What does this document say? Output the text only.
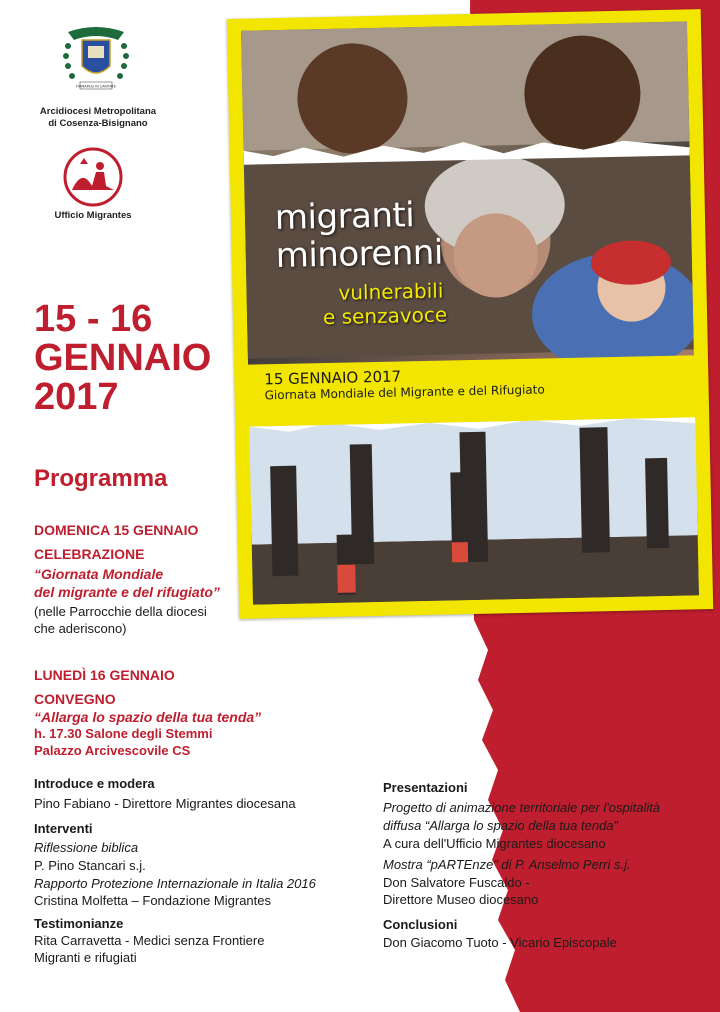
FIRMAMUS IN CARITATE
Arcidiocesi Metropolitana
di Cosenza-Bisignano
Ufficio Migrantes	migranti
minorenni
vulnerabili
e senzavoce
15 GENNAIO 2017
Giornata Mondiale del Migrante e del Rifugiato
15 - 16
GENNAIO
2017
Programma
DOMENICA 15 GENNAIO
CELEBRAZIONE
“Giornata Mondiale
del migrante e del rifugiato”
(nelle Parrocchie della diocesi
che aderiscono)
LUNEDÌ 16 GENNAIO
CONVEGNO
“Allarga lo spazio della tua tenda”
h. 17.30 Salone degli Stemmi
Palazzo Arcivescovile CS
Introduce e modera
Pino Fabiano - Direttore Migrantes diocesana
Interventi
Riflessione biblica
P. Pino Stancari s.j.
Rapporto Protezione Internazionale in Italia 2016
Cristina Molfetta – Fondazione Migrantes
Testimonianze
Rita Carravetta - Medici senza Frontiere
Migranti e rifugiati
Presentazioni
Progetto di animazione territoriale per l'ospitalità
diffusa “Allarga lo spazio della tua tenda”
A cura dell'Ufficio Migrantes diocesano
Mostra “pARTEnze” di P. Anselmo Perri s.j.
Don Salvatore Fuscaldo -
Direttore Museo diocesano
Conclusioni
Don Giacomo Tuoto - Vicario Episcopale
